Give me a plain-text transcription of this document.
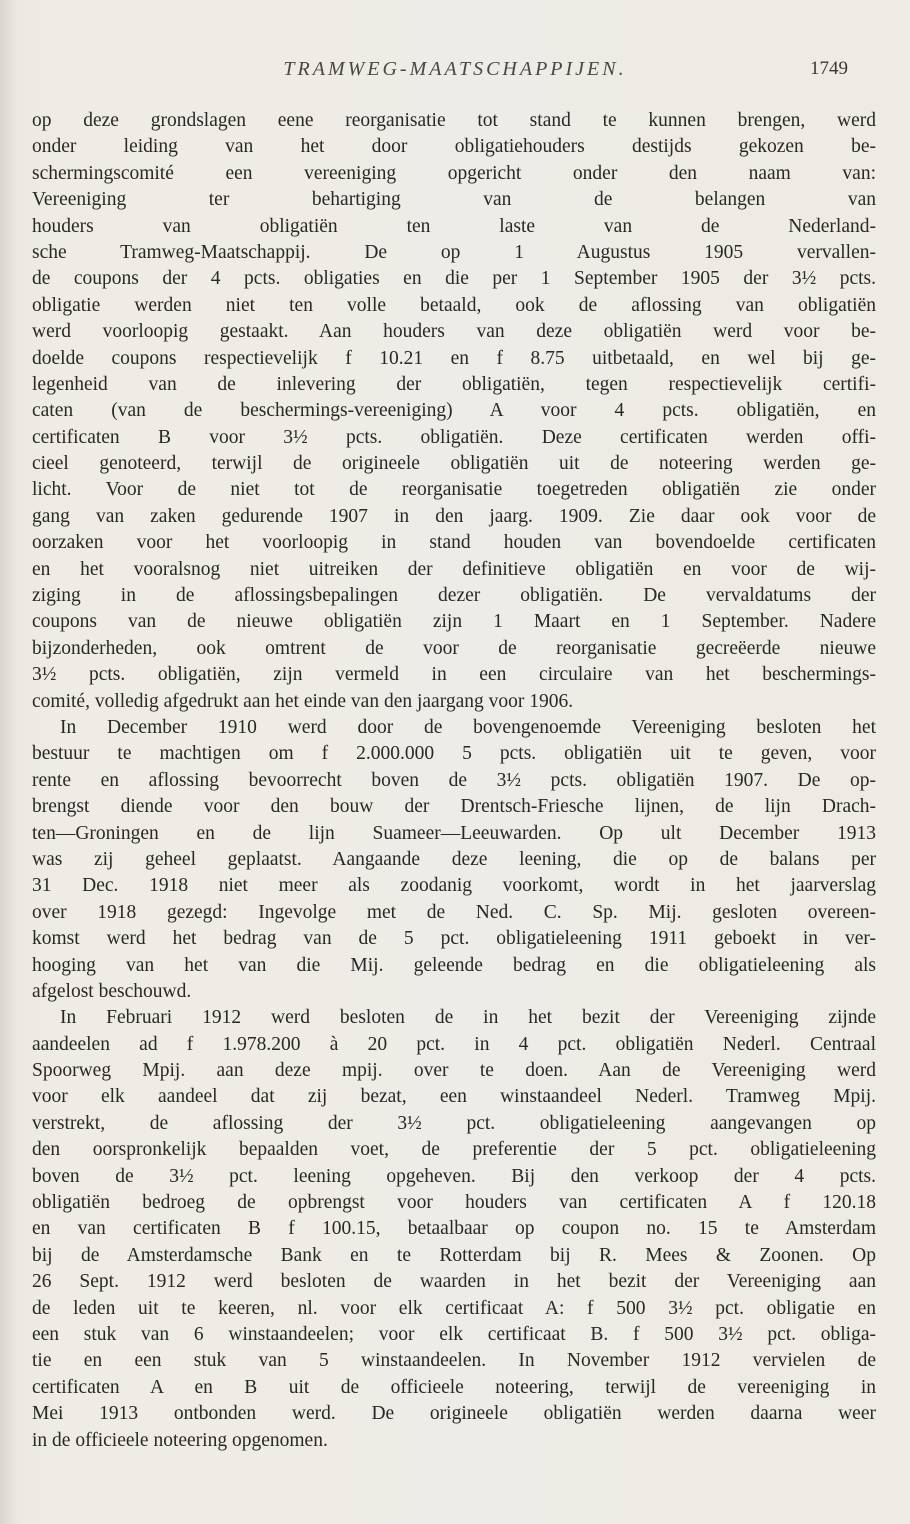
TRAMWEG-MAATSCHAPPIJEN.	1749
op deze grondslagen eene reorganisatie tot stand te kunnen brengen, werd
onder leiding van het door obligatiehouders destijds gekozen be-
schermingscomité een vereeniging opgericht onder den naam van:
Vereeniging ter behartiging van de belangen van
houders van obligatiën ten laste van de Nederland-
sche Tramweg-Maatschappij. De op 1 Augustus 1905 vervallen-
de coupons der 4 pcts. obligaties en die per 1 September 1905 der 3½ pcts.
obligatie werden niet ten volle betaald, ook de aflossing van obligatiën
werd voorloopig gestaakt. Aan houders van deze obligatiën werd voor be-
doelde coupons respectievelijk f 10.21 en f 8.75 uitbetaald, en wel bij ge-
legenheid van de inlevering der obligatiën, tegen respectievelijk certifi-
caten (van de beschermings-vereeniging) A voor 4 pcts. obligatiën, en
certificaten B voor 3½ pcts. obligatiën. Deze certificaten werden offi-
cieel genoteerd, terwijl de origineele obligatiën uit de noteering werden ge-
licht. Voor de niet tot de reorganisatie toegetreden obligatiën zie onder
gang van zaken gedurende 1907 in den jaarg. 1909. Zie daar ook voor de
oorzaken voor het voorloopig in stand houden van bovendoelde certificaten
en het vooralsnog niet uitreiken der definitieve obligatiën en voor de wij-
ziging in de aflossingsbepalingen dezer obligatiën. De vervaldatums der
coupons van de nieuwe obligatiën zijn 1 Maart en 1 September. Nadere
bijzonderheden, ook omtrent de voor de reorganisatie gecreëerde nieuwe
3½ pcts. obligatiën, zijn vermeld in een circulaire van het beschermings-
comité, volledig afgedrukt aan het einde van den jaargang voor 1906.
In December 1910 werd door de bovengenoemde Vereeniging besloten het
bestuur te machtigen om f 2.000.000 5 pcts. obligatiën uit te geven, voor
rente en aflossing bevoorrecht boven de 3½ pcts. obligatiën 1907. De op-
brengst diende voor den bouw der Drentsch-Friesche lijnen, de lijn Drach-
ten—Groningen en de lijn Suameer—Leeuwarden. Op ult December 1913
was zij geheel geplaatst. Aangaande deze leening, die op de balans per
31 Dec. 1918 niet meer als zoodanig voorkomt, wordt in het jaarverslag
over 1918 gezegd: Ingevolge met de Ned. C. Sp. Mij. gesloten overeen-
komst werd het bedrag van de 5 pct. obligatieleening 1911 geboekt in ver-
hooging van het van die Mij. geleende bedrag en die obligatieleening als
afgelost beschouwd.
In Februari 1912 werd besloten de in het bezit der Vereeniging zijnde
aandeelen ad f 1.978.200 à 20 pct. in 4 pct. obligatiën Nederl. Centraal
Spoorweg Mpij. aan deze mpij. over te doen. Aan de Vereeniging werd
voor elk aandeel dat zij bezat, een winstaandeel Nederl. Tramweg Mpij.
verstrekt, de aflossing der 3½ pct. obligatieleening aangevangen op
den oorspronkelijk bepaalden voet, de preferentie der 5 pct. obligatieleening
boven de 3½ pct. leening opgeheven. Bij den verkoop der 4 pcts.
obligatiën bedroeg de opbrengst voor houders van certificaten A f 120.18
en van certificaten B f 100.15, betaalbaar op coupon no. 15 te Amsterdam
bij de Amsterdamsche Bank en te Rotterdam bij R. Mees & Zoonen. Op
26 Sept. 1912 werd besloten de waarden in het bezit der Vereeniging aan
de leden uit te keeren, nl. voor elk certificaat A: f 500 3½ pct. obligatie en
een stuk van 6 winstaandeelen; voor elk certificaat B. f 500 3½ pct. obliga-
tie en een stuk van 5 winstaandeelen. In November 1912 vervielen de
certificaten A en B uit de officieele noteering, terwijl de vereeniging in
Mei 1913 ontbonden werd. De origineele obligatiën werden daarna weer
in de officieele noteering opgenomen.
